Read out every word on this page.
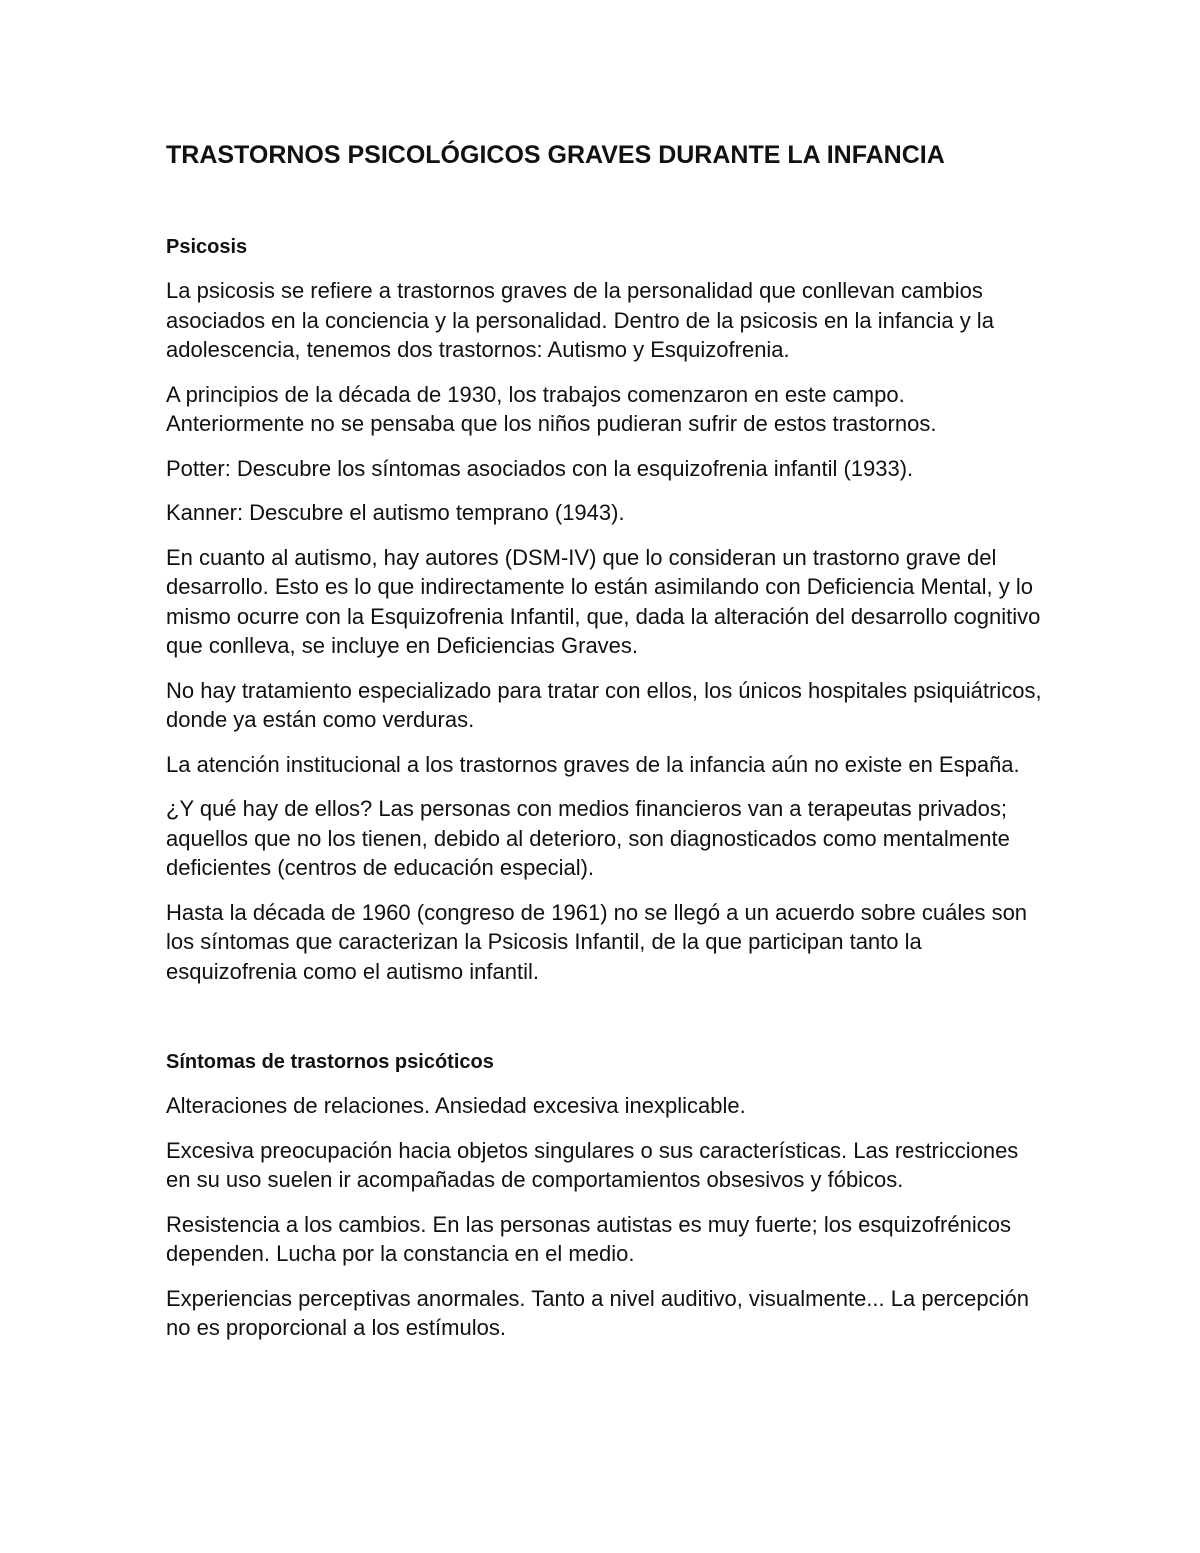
TRASTORNOS PSICOLÓGICOS GRAVES DURANTE LA INFANCIA
Psicosis

La psicosis se refiere a trastornos graves de la personalidad que conllevan cambios asociados en la conciencia y la personalidad. Dentro de la psicosis en la infancia y la adolescencia, tenemos dos trastornos: Autismo y Esquizofrenia.

A principios de la década de 1930, los trabajos comenzaron en este campo. Anteriormente no se pensaba que los niños pudieran sufrir de estos trastornos.

Potter: Descubre los síntomas asociados con la esquizofrenia infantil (1933).

Kanner: Descubre el autismo temprano (1943).

En cuanto al autismo, hay autores (DSM-IV) que lo consideran un trastorno grave del desarrollo. Esto es lo que indirectamente lo están asimilando con Deficiencia Mental, y lo mismo ocurre con la Esquizofrenia Infantil, que, dada la alteración del desarrollo cognitivo que conlleva, se incluye en Deficiencias Graves.

No hay tratamiento especializado para tratar con ellos, los únicos hospitales psiquiátricos, donde ya están como verduras.

La atención institucional a los trastornos graves de la infancia aún no existe en España.

¿Y qué hay de ellos? Las personas con medios financieros van a terapeutas privados; aquellos que no los tienen, debido al deterioro, son diagnosticados como mentalmente deficientes (centros de educación especial).

Hasta la década de 1960 (congreso de 1961) no se llegó a un acuerdo sobre cuáles son los síntomas que caracterizan la Psicosis Infantil, de la que participan tanto la esquizofrenia como el autismo infantil.

Síntomas de trastornos psicóticos

Alteraciones de relaciones. Ansiedad excesiva inexplicable.

Excesiva preocupación hacia objetos singulares o sus características. Las restricciones en su uso suelen ir acompañadas de comportamientos obsesivos y fóbicos.

Resistencia a los cambios. En las personas autistas es muy fuerte; los esquizofrénicos dependen. Lucha por la constancia en el medio.

Experiencias perceptivas anormales. Tanto a nivel auditivo, visualmente... La percepción no es proporcional a los estímulos.
